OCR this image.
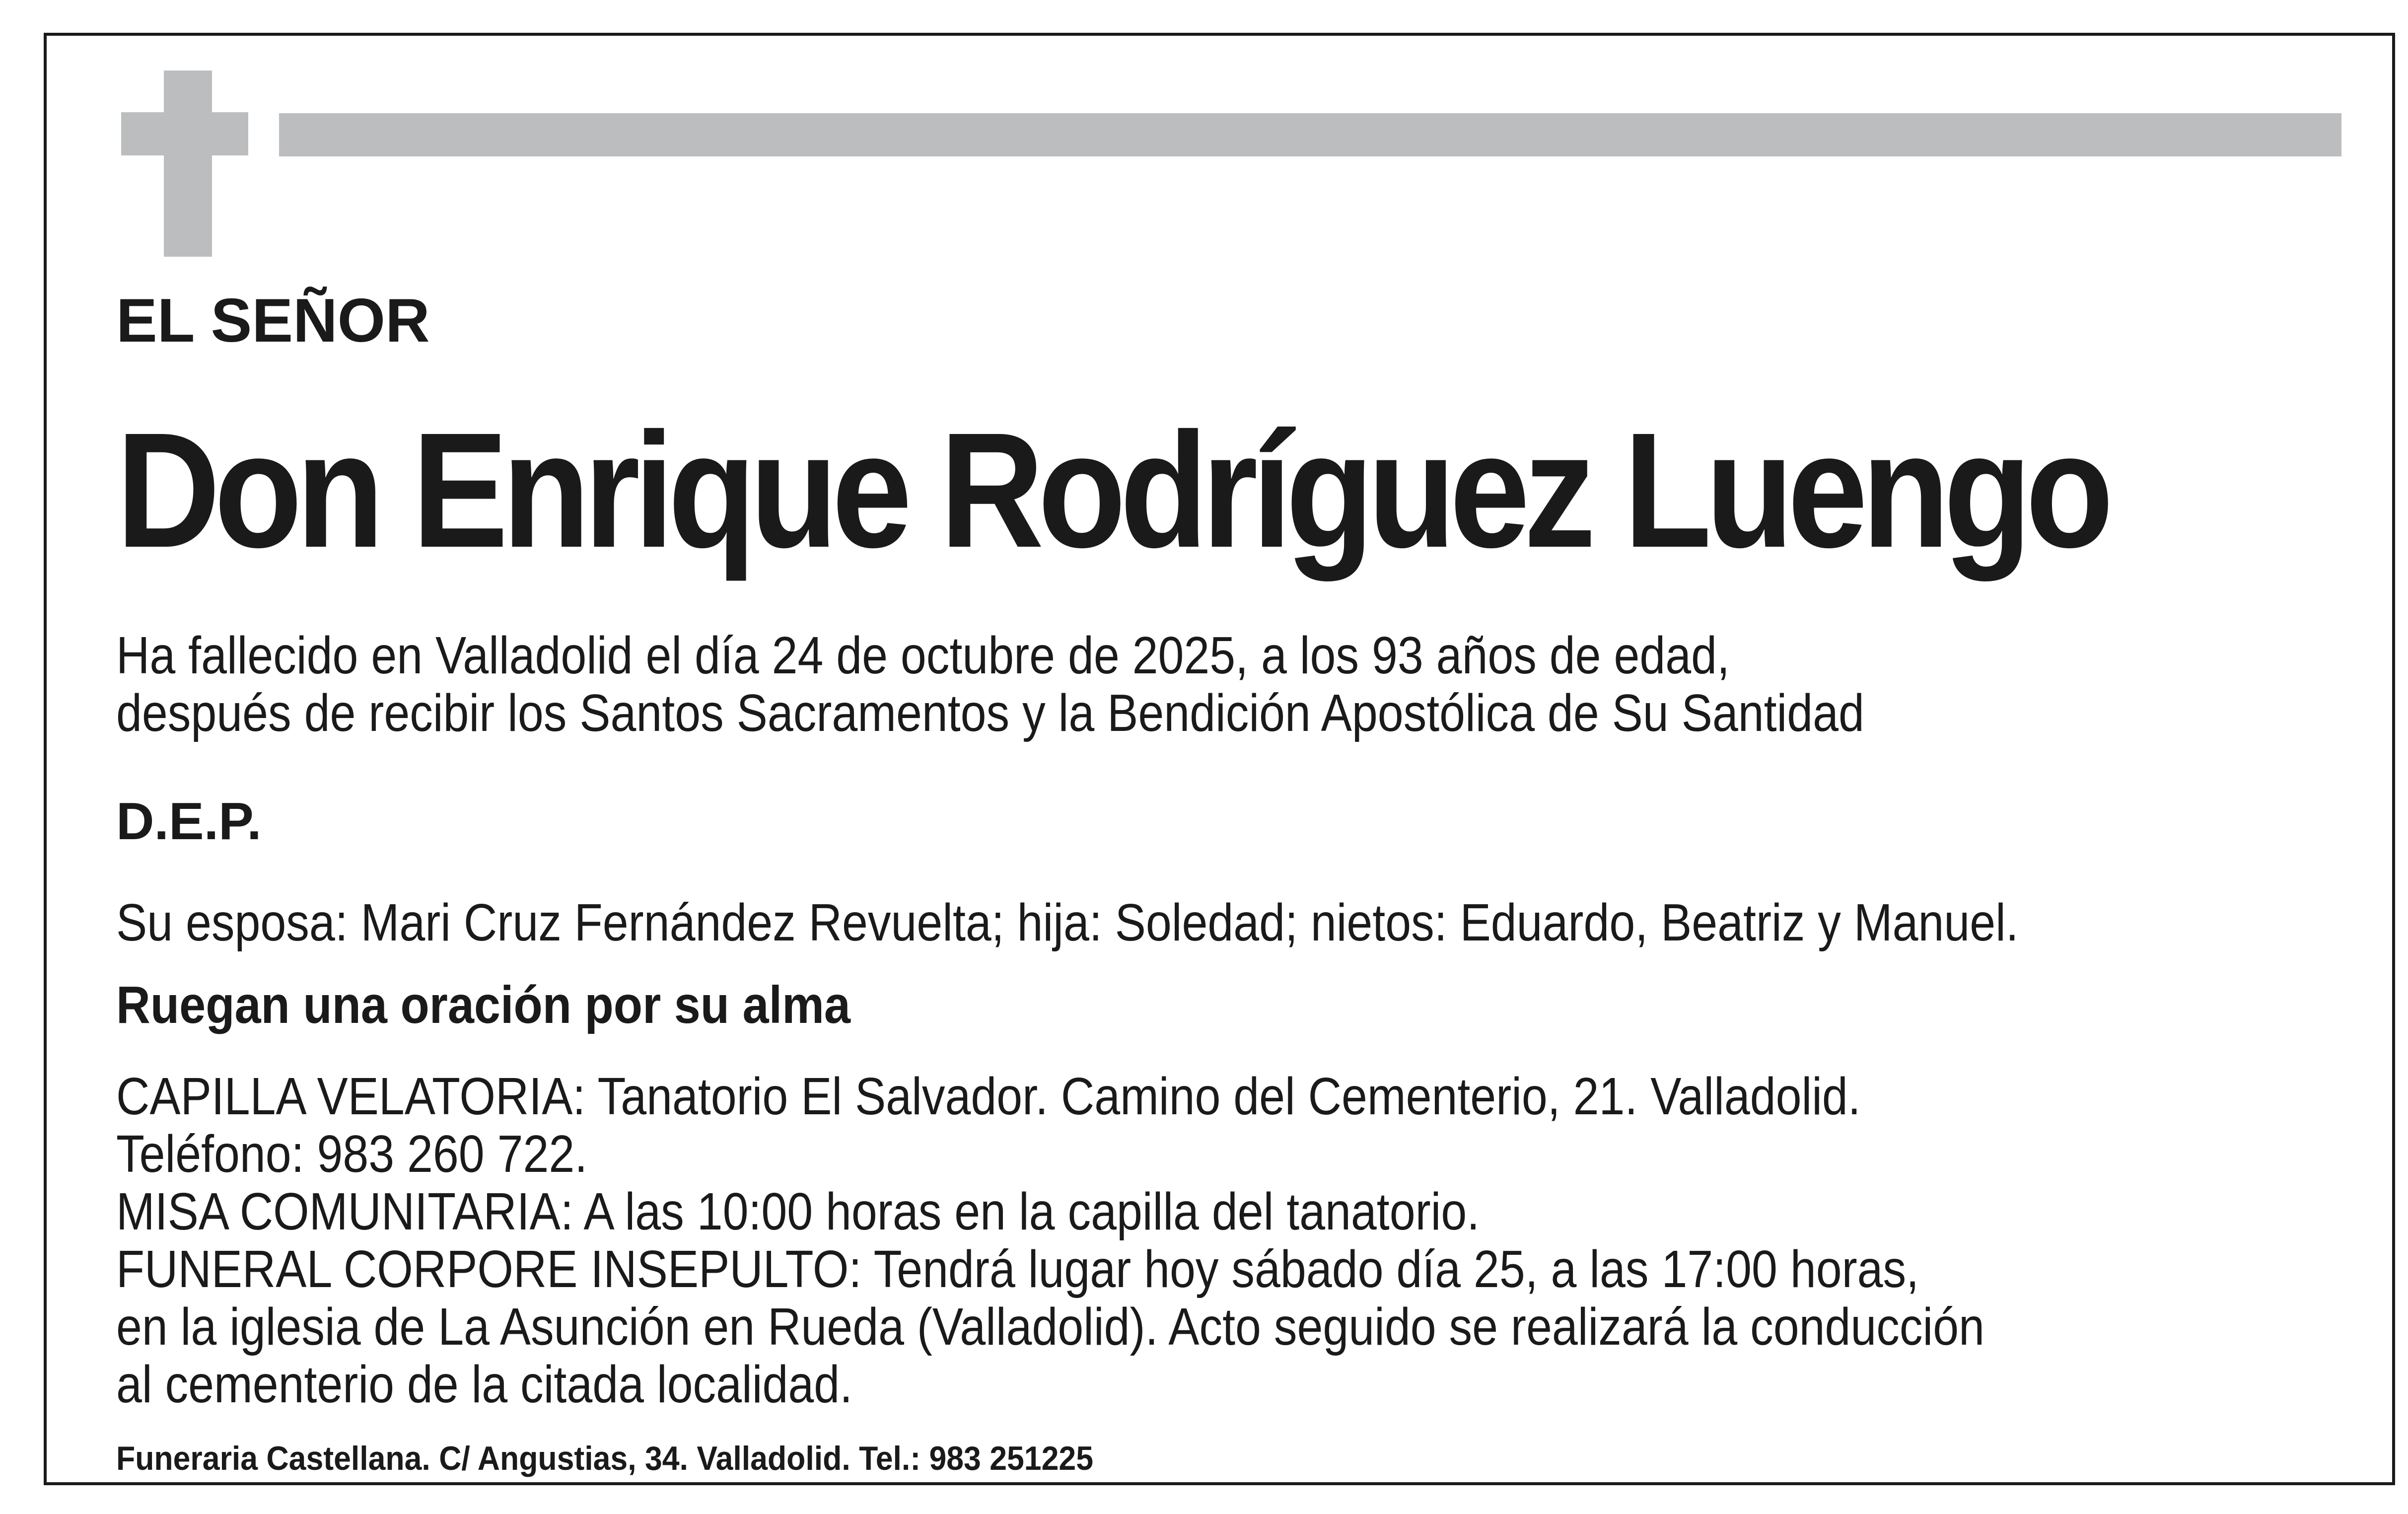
EL SEÑOR
Don Enrique Rodríguez Luengo
Ha fallecido en Valladolid el día 24 de octubre de 2025, a los 93 años de edad,
después de recibir los Santos Sacramentos y la Bendición Apostólica de Su Santidad
D.E.P.
Su esposa: Mari Cruz Fernández Revuelta; hija: Soledad; nietos: Eduardo, Beatriz y Manuel.
Ruegan una oración por su alma
CAPILLA VELATORIA: Tanatorio El Salvador. Camino del Cementerio, 21. Valladolid.
Teléfono: 983 260 722.
MISA COMUNITARIA: A las 10:00 horas en la capilla del tanatorio.
FUNERAL CORPORE INSEPULTO: Tendrá lugar hoy sábado día 25, a las 17:00 horas,
en la iglesia de La Asunción en Rueda (Valladolid). Acto seguido se realizará la conducción
al cementerio de la citada localidad.
Funeraria Castellana. C/ Angustias, 34. Valladolid. Tel.: 983 251225
